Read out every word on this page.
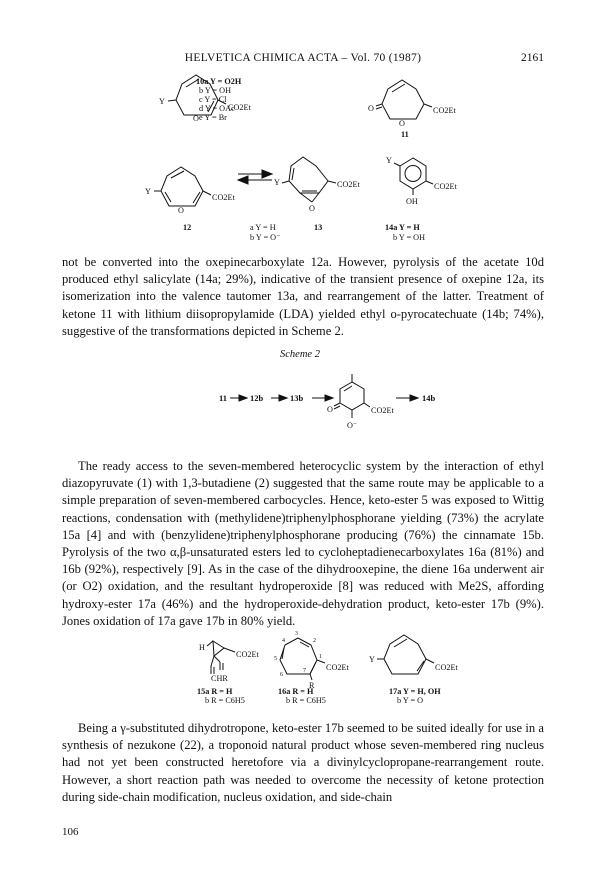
HELVETICA CHIMICA ACTA – Vol. 70 (1987)	2161
Y
O
CO2Et
10a Y = O2H
b Y = OH
c Y = Cl
d Y = OAc
e Y = Br
O
O
CO2Et
11
Y
O
CO2Et
12	a Y = H
b Y = O⁻
Y
O
CO2Et
13
Y
CO2Et
OH
14a Y = H
b Y = OH

not be converted into the oxepinecarboxylate 12a. However, pyrolysis of the acetate 10d produced ethyl salicylate (14a; 29%), indicative of the transient presence of oxepine 12a, its isomerization into the valence tautomer 13a, and rearrangement of the latter. Treatment of ketone 11 with lithium diisopropylamide (LDA) yielded ethyl o-pyrocatechuate (14b; 74%), suggestive of the transformations depicted in Scheme 2.

Scheme 2
11	12b	13b	14b
O	CO2Et
O⁻

The ready access to the seven-membered heterocyclic system by the interaction of ethyl diazopyruvate (1) with 1,3-butadiene (2) suggested that the same route may be applicable to a simple preparation of seven-membered carbocycles. Hence, keto-ester 5 was exposed to Wittig reactions, condensation with (methylidene)triphenylphosphorane yielding (73%) the acrylate 15a [4] and with (benzylidene)triphenylphosphorane producing (76%) the cinnamate 15b. Pyrolysis of the two α,β-unsaturated esters led to cycloheptadienecarboxylates 16a (81%) and 16b (92%), respectively [9]. As in the case of the dihydrooxepine, the diene 16a underwent air (or O2) oxidation, and the resultant hydroperoxide [8] was reduced with Me2S, affording hydroxy-ester 17a (46%) and the hydroperoxide-dehydration product, keto-ester 17b (9%). Jones oxidation of 17a gave 17b in 80% yield.

H
CO2Et
CHR
15a R = H
b R = C6H5
3
4	2
5	1
6
7 CO2Et
R
16a R = H
b R = C6H5
Y
CO2Et
17a Y = H, OH
b Y = O

Being a γ-substituted dihydrotropone, keto-ester 17b seemed to be suited ideally for use in a synthesis of nezukone (22), a troponoid natural product whose seven-membered ring nucleus had not yet been constructed heretofore via a divinylcyclopropane-rearrangement route. However, a short reaction path was needed to overcome the necessity of ketone protection during side-chain modification, nucleus oxidation, and side-chain

106
